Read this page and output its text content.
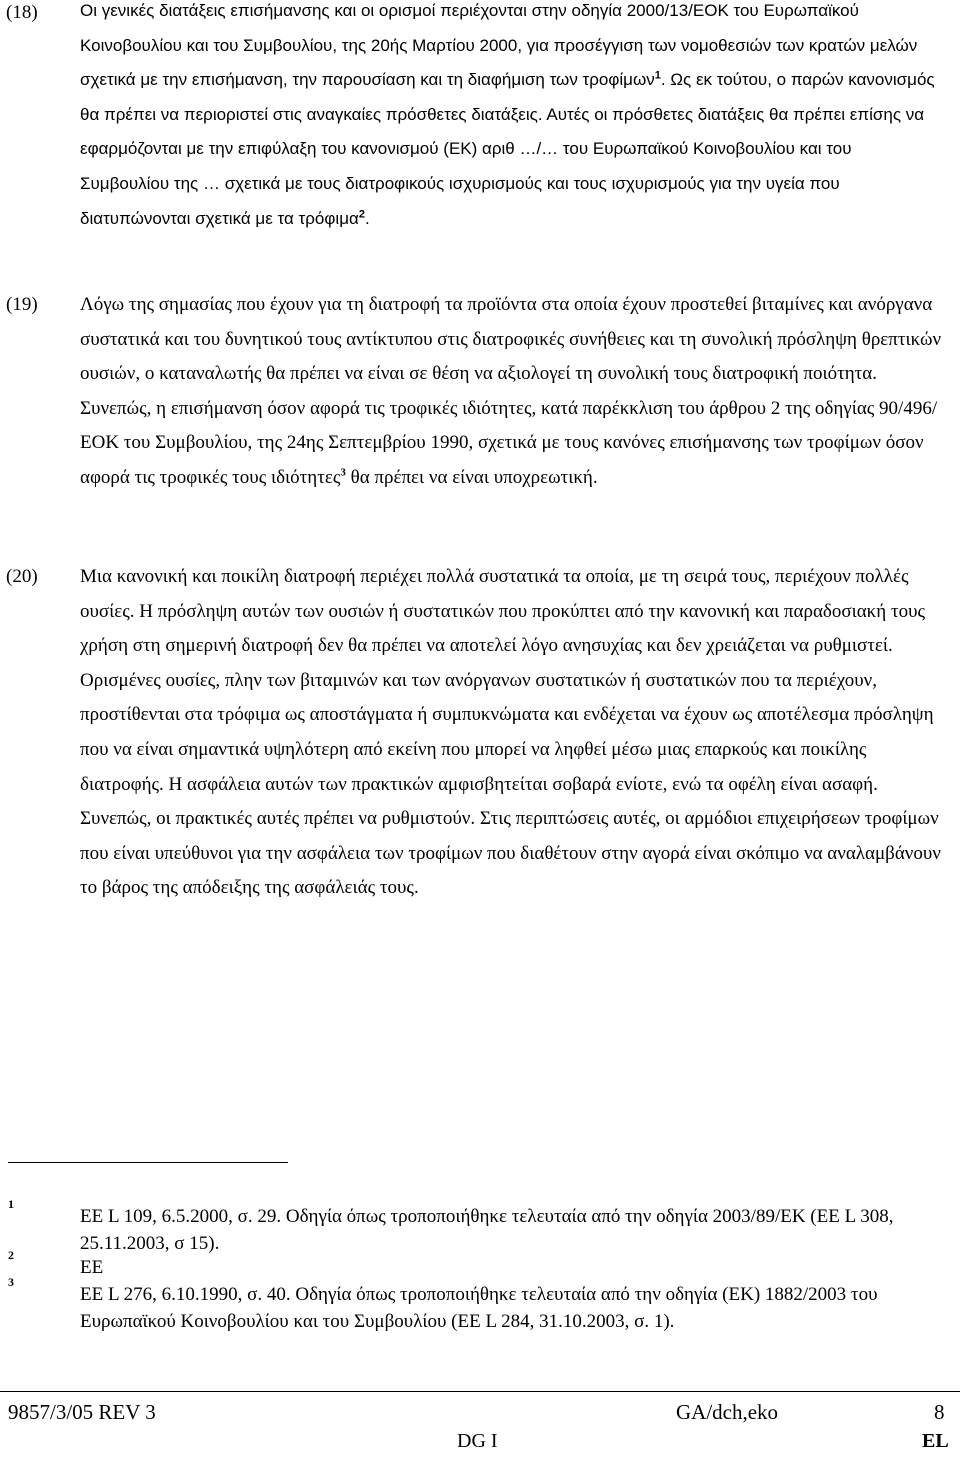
(18) Οι γενικές διατάξεις επισήμανσης και οι ορισμοί περιέχονται στην οδηγία 2000/13/ΕΟΚ του Ευρωπαϊκού Κοινοβουλίου και του Συμβουλίου, της 20ής Μαρτίου 2000, για προσέγγιση των νομοθεσιών των κρατών μελών σχετικά με την επισήμανση, την παρουσίαση και τη διαφήμιση των τροφίμων$^1$. Ως εκ τούτου, ο παρών κανονισμός θα πρέπει να περιοριστεί στις αναγκαίες πρόσθετες διατάξεις. Αυτές οι πρόσθετες διατάξεις θα πρέπει επίσης να εφαρμόζονται με την επιφύλαξη του κανονισμού (ΕΚ) αριθ …/… του Ευρωπαϊκού Κοινοβουλίου και του Συμβουλίου της … σχετικά με τους διατροφικούς ισχυρισμούς και τους ισχυρισμούς για την υγεία που διατυπώνονται σχετικά με τα τρόφιμα$^2$.
(19) Λόγω της σημασίας που έχουν για τη διατροφή τα προϊόντα στα οποία έχουν προστεθεί βιταμίνες και ανόργανα συστατικά και του δυνητικού τους αντίκτυπου στις διατροφικές συνήθειες και τη συνολική πρόσληψη θρεπτικών ουσιών, ο καταναλωτής θα πρέπει να είναι σε θέση να αξιολογεί τη συνολική τους διατροφική ποιότητα. Συνεπώς, η επισήμανση όσον αφορά τις τροφικές ιδιότητες, κατά παρέκκλιση του άρθρου 2 της οδηγίας 90/496/ΕΟΚ του Συμβουλίου, της 24ης Σεπτεμβρίου 1990, σχετικά με τους κανόνες επισήμανσης των τροφίμων όσον αφορά τις τροφικές τους ιδιότητες$^3$ θα πρέπει να είναι υποχρεωτική.
(20) Μια κανονική και ποικίλη διατροφή περιέχει πολλά συστατικά τα οποία, με τη σειρά τους, περιέχουν πολλές ουσίες. Η πρόσληψη αυτών των ουσιών ή συστατικών που προκύπτει από την κανονική και παραδοσιακή τους χρήση στη σημερινή διατροφή δεν θα πρέπει να αποτελεί λόγο ανησυχίας και δεν χρειάζεται να ρυθμιστεί. Ορισμένες ουσίες, πλην των βιταμινών και των ανόργανων συστατικών ή συστατικών που τα περιέχουν, προστίθενται στα τρόφιμα ως αποστάγματα ή συμπυκνώματα και ενδέχεται να έχουν ως αποτέλεσμα πρόσληψη που να είναι σημαντικά υψηλότερη από εκείνη που μπορεί να ληφθεί μέσω μιας επαρκούς και ποικίλης διατροφής. Η ασφάλεια αυτών των πρακτικών αμφισβητείται σοβαρά ενίοτε, ενώ τα οφέλη είναι ασαφή. Συνεπώς, οι πρακτικές αυτές πρέπει να ρυθμιστούν. Στις περιπτώσεις αυτές, οι αρμόδιοι επιχειρήσεων τροφίμων που είναι υπεύθυνοι για την ασφάλεια των τροφίμων που διαθέτουν στην αγορά είναι σκόπιμο να αναλαμβάνουν το βάρος της απόδειξης της ασφάλειάς τους.
1
ΕΕ L 109, 6.5.2000, σ. 29. Οδηγία όπως τροποποιήθηκε τελευταία από την οδηγία 2003/89/ΕΚ (ΕΕ L 308, 25.11.2003, σ 15).
2
ΕΕ
3
ΕΕ L 276, 6.10.1990, σ. 40. Οδηγία όπως τροποποιήθηκε τελευταία από την οδηγία (ΕΚ) 1882/2003 του Ευρωπαϊκού Κοινοβουλίου και του Συμβουλίου (ΕΕ L 284, 31.10.2003, σ. 1).
9857/3/05 REV 3	GA/dch,eko	8
DG I	EL
